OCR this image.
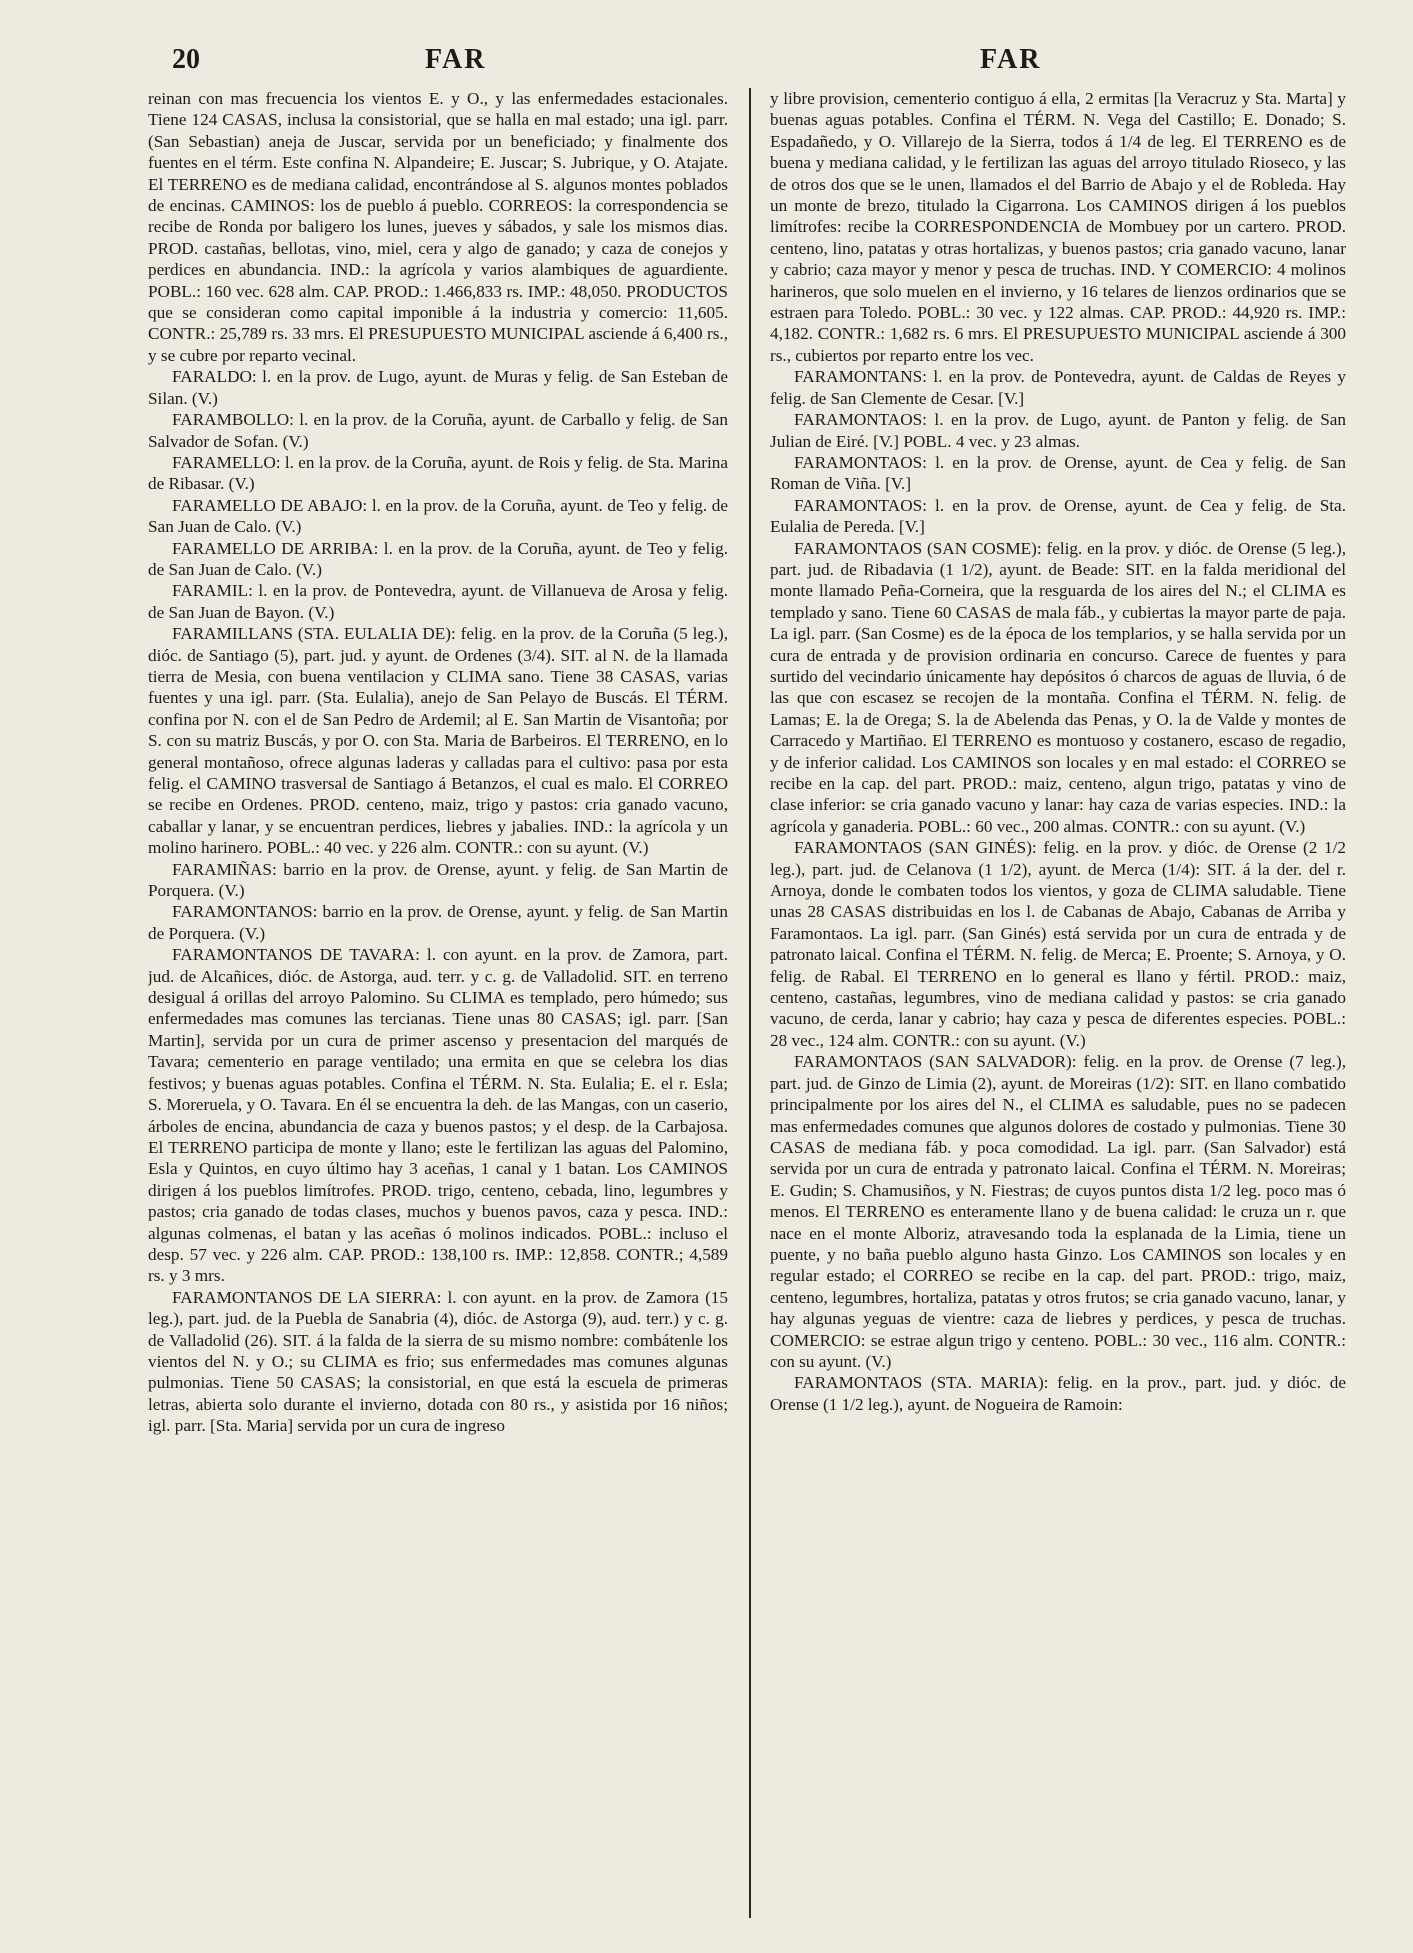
20	FAR	FAR

reinan con mas frecuencia los vientos E. y O., y las enfermedades estacionales. Tiene 124 CASAS, inclusa la consistorial, que se halla en mal estado; una igl. parr. (San Sebastian) aneja de Juscar, servida por un beneficiado; y finalmente dos fuentes en el térm. Este confina N. Alpandeire; E. Juscar; S. Jubrique, y O. Atajate. El TERRENO es de mediana calidad, encontrándose al S. algunos montes poblados de encinas. CAMINOS: los de pueblo á pueblo. CORREOS: la correspondencia se recibe de Ronda por baligero los lunes, jueves y sábados, y sale los mismos dias. PROD. castañas, bellotas, vino, miel, cera y algo de ganado; y caza de conejos y perdices en abundancia. IND.: la agrícola y varios alambiques de aguardiente. POBL.: 160 vec. 628 alm. CAP. PROD.: 1.466,833 rs. IMP.: 48,050. PRODUCTOS que se consideran como capital imponible á la industria y comercio: 11,605. CONTR.: 25,789 rs. 33 mrs. El PRESUPUESTO MUNICIPAL asciende á 6,400 rs., y se cubre por reparto vecinal.

FARALDO: l. en la prov. de Lugo, ayunt. de Muras y felig. de San Esteban de Silan. (V.)

FARAMBOLLO: l. en la prov. de la Coruña, ayunt. de Carballo y felig. de San Salvador de Sofan. (V.)

FARAMELLO: l. en la prov. de la Coruña, ayunt. de Rois y felig. de Sta. Marina de Ribasar. (V.)

FARAMELLO DE ABAJO: l. en la prov. de la Coruña, ayunt. de Teo y felig. de San Juan de Calo. (V.)

FARAMELLO DE ARRIBA: l. en la prov. de la Coruña, ayunt. de Teo y felig. de San Juan de Calo. (V.)

FARAMIL: l. en la prov. de Pontevedra, ayunt. de Villanueva de Arosa y felig. de San Juan de Bayon. (V.)

FARAMILLANS (STA. EULALIA DE): felig. en la prov. de la Coruña (5 leg.), dióc. de Santiago (5), part. jud. y ayunt. de Ordenes (3/4). SIT. al N. de la llamada tierra de Mesia, con buena ventilacion y CLIMA sano. Tiene 38 CASAS, varias fuentes y una igl. parr. (Sta. Eulalia), anejo de San Pelayo de Buscás. El TÉRM. confina por N. con el de San Pedro de Ardemil; al E. San Martin de Visantoña; por S. con su matriz Buscás, y por O. con Sta. Maria de Barbeiros. El TERRENO, en lo general montañoso, ofrece algunas laderas y calladas para el cultivo: pasa por esta felig. el CAMINO trasversal de Santiago á Betanzos, el cual es malo. El CORREO se recibe en Ordenes. PROD. centeno, maiz, trigo y pastos: cria ganado vacuno, caballar y lanar, y se encuentran perdices, liebres y jabalies. IND.: la agrícola y un molino harinero. POBL.: 40 vec. y 226 alm. CONTR.: con su ayunt. (V.)

FARAMIÑAS: barrio en la prov. de Orense, ayunt. y felig. de San Martin de Porquera. (V.)

FARAMONTANOS: barrio en la prov. de Orense, ayunt. y felig. de San Martin de Porquera. (V.)

FARAMONTANOS DE TAVARA: l. con ayunt. en la prov. de Zamora, part. jud. de Alcañices, dióc. de Astorga, aud. terr. y c. g. de Valladolid. SIT. en terreno desigual á orillas del arroyo Palomino. Su CLIMA es templado, pero húmedo; sus enfermedades mas comunes las tercianas. Tiene unas 80 CASAS; igl. parr. [San Martin], servida por un cura de primer ascenso y presentacion del marqués de Tavara; cementerio en parage ventilado; una ermita en que se celebra los dias festivos; y buenas aguas potables. Confina el TÉRM. N. Sta. Eulalia; E. el r. Esla; S. Moreruela, y O. Tavara. En él se encuentra la deh. de las Mangas, con un caserio, árboles de encina, abundancia de caza y buenos pastos; y el desp. de la Carbajosa. El TERRENO participa de monte y llano; este le fertilizan las aguas del Palomino, Esla y Quintos, en cuyo último hay 3 aceñas, 1 canal y 1 batan. Los CAMINOS dirigen á los pueblos limítrofes. PROD. trigo, centeno, cebada, lino, legumbres y pastos; cria ganado de todas clases, muchos y buenos pavos, caza y pesca. IND.: algunas colmenas, el batan y las aceñas ó molinos indicados. POBL.: incluso el desp. 57 vec. y 226 alm. CAP. PROD.: 138,100 rs. IMP.: 12,858. CONTR.; 4,589 rs. y 3 mrs.

FARAMONTANOS DE LA SIERRA: l. con ayunt. en la prov. de Zamora (15 leg.), part. jud. de la Puebla de Sanabria (4), dióc. de Astorga (9), aud. terr.) y c. g. de Valladolid (26). SIT. á la falda de la sierra de su mismo nombre: combátenle los vientos del N. y O.; su CLIMA es frio; sus enfermedades mas comunes algunas pulmonias. Tiene 50 CASAS; la consistorial, en que está la escuela de primeras letras, abierta solo durante el invierno, dotada con 80 rs., y asistida por 16 niños; igl. parr. [Sta. Maria] servida por un cura de ingreso

y libre provision, cementerio contiguo á ella, 2 ermitas [la Veracruz y Sta. Marta] y buenas aguas potables. Confina el TÉRM. N. Vega del Castillo; E. Donado; S. Espadañedo, y O. Villarejo de la Sierra, todos á 1/4 de leg. El TERRENO es de buena y mediana calidad, y le fertilizan las aguas del arroyo titulado Rioseco, y las de otros dos que se le unen, llamados el del Barrio de Abajo y el de Robleda. Hay un monte de brezo, titulado la Cigarrona. Los CAMINOS dirigen á los pueblos limítrofes: recibe la CORRESPONDENCIA de Mombuey por un cartero. PROD. centeno, lino, patatas y otras hortalizas, y buenos pastos; cria ganado vacuno, lanar y cabrio; caza mayor y menor y pesca de truchas. IND. Y COMERCIO: 4 molinos harineros, que solo muelen en el invierno, y 16 telares de lienzos ordinarios que se estraen para Toledo. POBL.: 30 vec. y 122 almas. CAP. PROD.: 44,920 rs. IMP.: 4,182. CONTR.: 1,682 rs. 6 mrs. El PRESUPUESTO MUNICIPAL asciende á 300 rs., cubiertos por reparto entre los vec.

FARAMONTANS: l. en la prov. de Pontevedra, ayunt. de Caldas de Reyes y felig. de San Clemente de Cesar. [V.]

FARAMONTAOS: l. en la prov. de Lugo, ayunt. de Panton y felig. de San Julian de Eiré. [V.] POBL. 4 vec. y 23 almas.

FARAMONTAOS: l. en la prov. de Orense, ayunt. de Cea y felig. de San Roman de Viña. [V.]

FARAMONTAOS: l. en la prov. de Orense, ayunt. de Cea y felig. de Sta. Eulalia de Pereda. [V.]

FARAMONTAOS (SAN COSME): felig. en la prov. y dióc. de Orense (5 leg.), part. jud. de Ribadavia (1 1/2), ayunt. de Beade: SIT. en la falda meridional del monte llamado Peña-Corneira, que la resguarda de los aires del N.; el CLIMA es templado y sano. Tiene 60 CASAS de mala fáb., y cubiertas la mayor parte de paja. La igl. parr. (San Cosme) es de la época de los templarios, y se halla servida por un cura de entrada y de provision ordinaria en concurso. Carece de fuentes y para surtido del vecindario únicamente hay depósitos ó charcos de aguas de lluvia, ó de las que con escasez se recojen de la montaña. Confina el TÉRM. N. felig. de Lamas; E. la de Orega; S. la de Abelenda das Penas, y O. la de Valde y montes de Carracedo y Martiñao. El TERRENO es montuoso y costanero, escaso de regadio, y de inferior calidad. Los CAMINOS son locales y en mal estado: el CORREO se recibe en la cap. del part. PROD.: maiz, centeno, algun trigo, patatas y vino de clase inferior: se cria ganado vacuno y lanar: hay caza de varias especies. IND.: la agrícola y ganaderia. POBL.: 60 vec., 200 almas. CONTR.: con su ayunt. (V.)

FARAMONTAOS (SAN GINÉS): felig. en la prov. y dióc. de Orense (2 1/2 leg.), part. jud. de Celanova (1 1/2), ayunt. de Merca (1/4): SIT. á la der. del r. Arnoya, donde le combaten todos los vientos, y goza de CLIMA saludable. Tiene unas 28 CASAS distribuidas en los l. de Cabanas de Abajo, Cabanas de Arriba y Faramontaos. La igl. parr. (San Ginés) está servida por un cura de entrada y de patronato laical. Confina el TÉRM. N. felig. de Merca; E. Proente; S. Arnoya, y O. felig. de Rabal. El TERRENO en lo general es llano y fértil. PROD.: maiz, centeno, castañas, legumbres, vino de mediana calidad y pastos: se cria ganado vacuno, de cerda, lanar y cabrio; hay caza y pesca de diferentes especies. POBL.: 28 vec., 124 alm. CONTR.: con su ayunt. (V.)

FARAMONTAOS (SAN SALVADOR): felig. en la prov. de Orense (7 leg.), part. jud. de Ginzo de Limia (2), ayunt. de Moreiras (1/2): SIT. en llano combatido principalmente por los aires del N., el CLIMA es saludable, pues no se padecen mas enfermedades comunes que algunos dolores de costado y pulmonias. Tiene 30 CASAS de mediana fáb. y poca comodidad. La igl. parr. (San Salvador) está servida por un cura de entrada y patronato laical. Confina el TÉRM. N. Moreiras; E. Gudin; S. Chamusiños, y N. Fiestras; de cuyos puntos dista 1/2 leg. poco mas ó menos. El TERRENO es enteramente llano y de buena calidad: le cruza un r. que nace en el monte Alboriz, atravesando toda la esplanada de la Limia, tiene un puente, y no baña pueblo alguno hasta Ginzo. Los CAMINOS son locales y en regular estado; el CORREO se recibe en la cap. del part. PROD.: trigo, maiz, centeno, legumbres, hortaliza, patatas y otros frutos; se cria ganado vacuno, lanar, y hay algunas yeguas de vientre: caza de liebres y perdices, y pesca de truchas. COMERCIO: se estrae algun trigo y centeno. POBL.: 30 vec., 116 alm. CONTR.: con su ayunt. (V.)

FARAMONTAOS (STA. MARIA): felig. en la prov., part. jud. y dióc. de Orense (1 1/2 leg.), ayunt. de Nogueira de Ramoin:
